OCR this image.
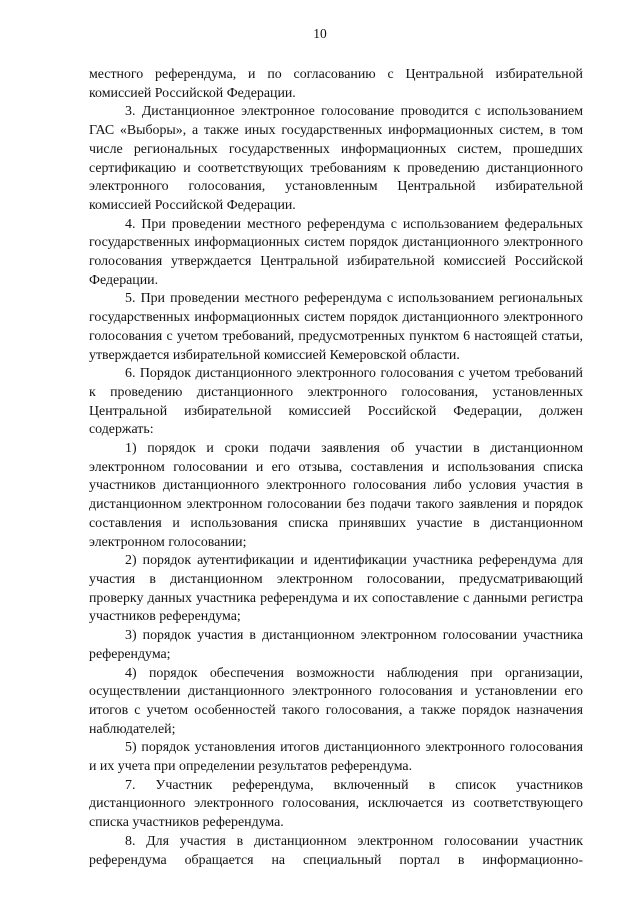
10

местного референдума, и по согласованию с Центральной избирательной комиссией Российской Федерации.

3. Дистанционное электронное голосование проводится с использованием ГАС «Выборы», а также иных государственных информационных систем, в том числе региональных государственных информационных систем, прошедших сертификацию и соответствующих требованиям к проведению дистанционного электронного голосования, установленным Центральной избирательной комиссией Российской Федерации.

4. При проведении местного референдума с использованием федеральных государственных информационных систем порядок дистанционного электронного голосования утверждается Центральной избирательной комиссией Российской Федерации.

5. При проведении местного референдума с использованием региональных государственных информационных систем порядок дистанционного электронного голосования с учетом требований, предусмотренных пунктом 6 настоящей статьи, утверждается избирательной комиссией Кемеровской области.

6. Порядок дистанционного электронного голосования с учетом требований к проведению дистанционного электронного голосования, установленных Центральной избирательной комиссией Российской Федерации, должен содержать:

1) порядок и сроки подачи заявления об участии в дистанционном электронном голосовании и его отзыва, составления и использования списка участников дистанционного электронного голосования либо условия участия в дистанционном электронном голосовании без подачи такого заявления и порядок составления и использования списка принявших участие в дистанционном электронном голосовании;

2) порядок аутентификации и идентификации участника референдума для участия в дистанционном электронном голосовании, предусматривающий проверку данных участника референдума и их сопоставление с данными регистра участников референдума;

3) порядок участия в дистанционном электронном голосовании участника референдума;

4) порядок обеспечения возможности наблюдения при организации, осуществлении дистанционного электронного голосования и установлении его итогов с учетом особенностей такого голосования, а также порядок назначения наблюдателей;

5) порядок установления итогов дистанционного электронного голосования и их учета при определении результатов референдума.

7. Участник референдума, включенный в список участников дистанционного электронного голосования, исключается из соответствующего списка участников референдума.

8. Для участия в дистанционном электронном голосовании участник референдума обращается на специальный портал в информационно-
